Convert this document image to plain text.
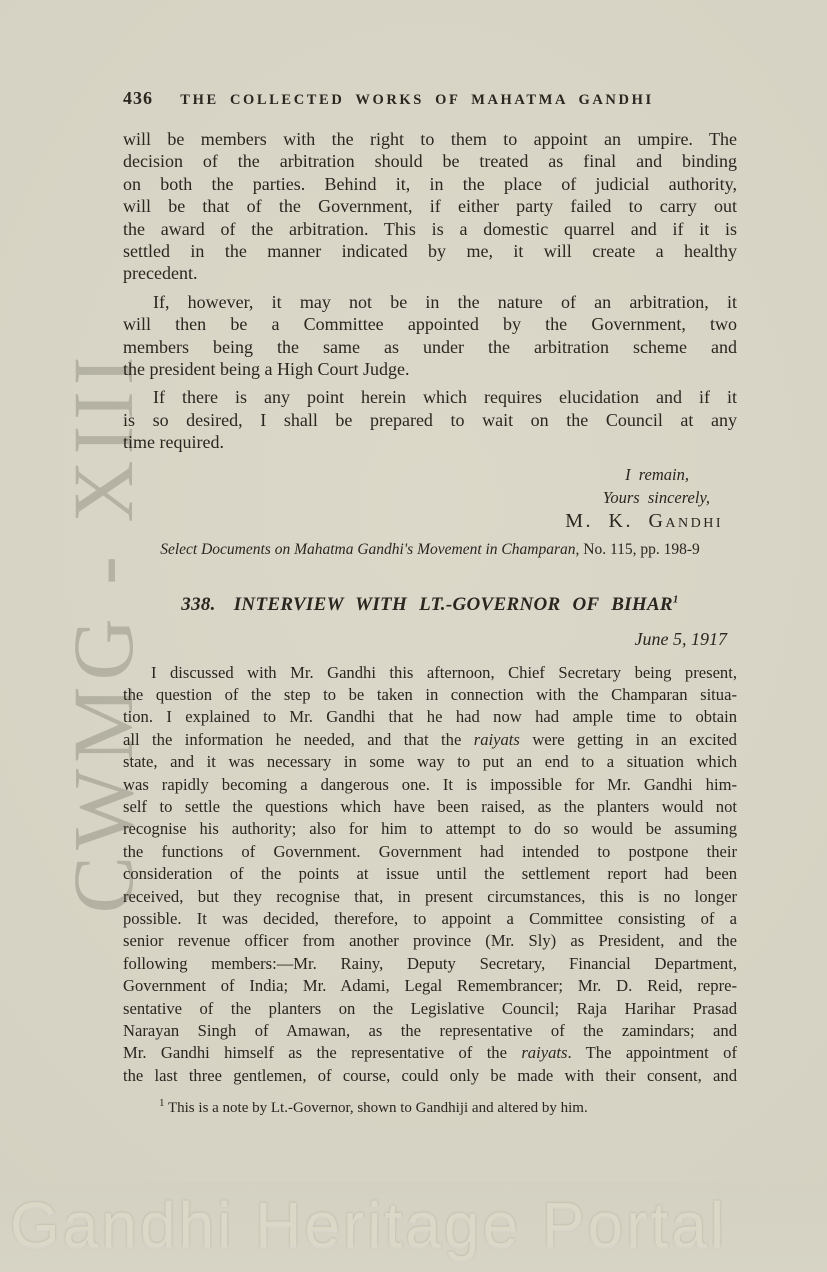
CWMG - XIII
436	THE COLLECTED WORKS OF MAHATMA GANDHI
will be members with the right to them to appoint an umpire. The
decision of the arbitration should be treated as final and binding
on both the parties. Behind it, in the place of judicial authority,
will be that of the Government, if either party failed to carry out
the award of the arbitration. This is a domestic quarrel and if it is
settled in the manner indicated by me, it will create a healthy
precedent.
If, however, it may not be in the nature of an arbitration, it
will then be a Committee appointed by the Government, two
members being the same as under the arbitration scheme and
the president being a High Court Judge.
If there is any point herein which requires elucidation and if it
is so desired, I shall be prepared to wait on the Council at any
time required.
I remain,
Yours sincerely,
M. K. Gandhi
Select Documents on Mahatma Gandhi's Movement in Champaran, No. 115, pp. 198-9
338. INTERVIEW WITH LT.-GOVERNOR OF BIHAR$^1$
June 5, 1917
I discussed with Mr. Gandhi this afternoon, Chief Secretary being present,
the question of the step to be taken in connection with the Champaran situa-
tion. I explained to Mr. Gandhi that he had now had ample time to obtain
all the information he needed, and that the raiyats were getting in an excited
state, and it was necessary in some way to put an end to a situation which
was rapidly becoming a dangerous one. It is impossible for Mr. Gandhi him-
self to settle the questions which have been raised, as the planters would not
recognise his authority; also for him to attempt to do so would be assuming
the functions of Government. Government had intended to postpone their
consideration of the points at issue until the settlement report had been
received, but they recognise that, in present circumstances, this is no longer
possible. It was decided, therefore, to appoint a Committee consisting of a
senior revenue officer from another province (Mr. Sly) as President, and the
following members:—Mr. Rainy, Deputy Secretary, Financial Department,
Government of India; Mr. Adami, Legal Remembrancer; Mr. D. Reid, repre-
sentative of the planters on the Legislative Council; Raja Harihar Prasad
Narayan Singh of Amawan, as the representative of the zamindars; and
Mr. Gandhi himself as the representative of the raiyats. The appointment of
the last three gentlemen, of course, could only be made with their consent, and
$^1$ This is a note by Lt.-Governor, shown to Gandhiji and altered by him.
Gandhi Heritage Portal
